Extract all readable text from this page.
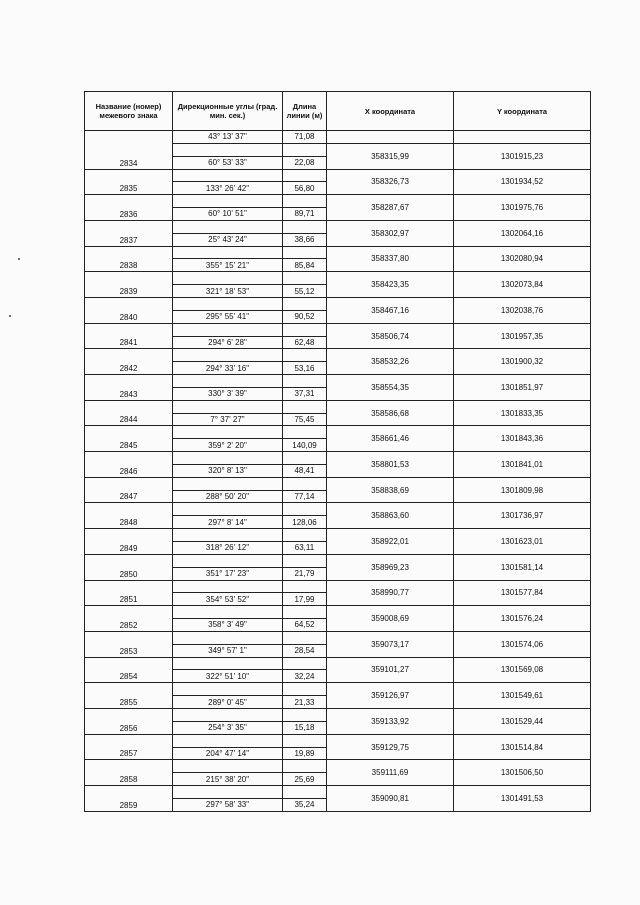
Название (номер) межевого знака	Дирекционные углы (град. мин. сек.)	Длина линии (м)	X координата	Y координата	
	43° 13' 37"	71,08			
2834			358315,99	1301915,23	
	60° 53' 33"	22,08			
2835			358326,73	1301934,52	
	133° 26' 42"	56,80			
2836			358287,67	1301975,76	
	60° 10' 51"	89,71			
2837			358302,97	1302064,16	
	25° 43' 24"	38,66			
2838			358337,80	1302080,94	
	355° 15' 21"	85,84			
2839			358423,35	1302073,84	
	321° 18' 53"	55,12			
2840			358467,16	1302038,76	
	295° 55' 41"	90,52			
2841			358506,74	1301957,35	
	294° 6' 28"	62,48			
2842			358532,26	1301900,32	
	294° 33' 16"	53,16			
2843			358554,35	1301851,97	
	330° 3' 39"	37,31			
2844			358586,68	1301833,35	
	7° 37' 27"	75,45			
2845			358661,46	1301843,36	
	359° 2' 20"	140,09			
2846			358801,53	1301841,01	
	320° 8' 13"	48,41			
2847			358838,69	1301809,98	
	288° 50' 20"	77,14			
2848			358863,60	1301736,97	
	297° 8' 14"	128,06			
2849			358922,01	1301623,01	
	318° 26' 12"	63,11			
2850			358969,23	1301581,14	
	351° 17' 23"	21,79			
2851			358990,77	1301577,84	
	354° 53' 52"	17,99			
2852			359008,69	1301576,24	
	358° 3' 49"	64,52			
2853			359073,17	1301574,06	
	349° 57' 1"	28,54			
2854			359101,27	1301569,08	
	322° 51' 10"	32,24			
2855			359126,97	1301549,61	
	289° 0' 45"	21,33			
2856			359133,92	1301529,44	
	254° 3' 35"	15,18			
2857			359129,75	1301514,84	
	204° 47' 14"	19,89			
2858			359111,69	1301506,50	
	215° 38' 20"	25,69			
2859			359090,81	1301491,53	
	297° 58' 33"	35,24			
